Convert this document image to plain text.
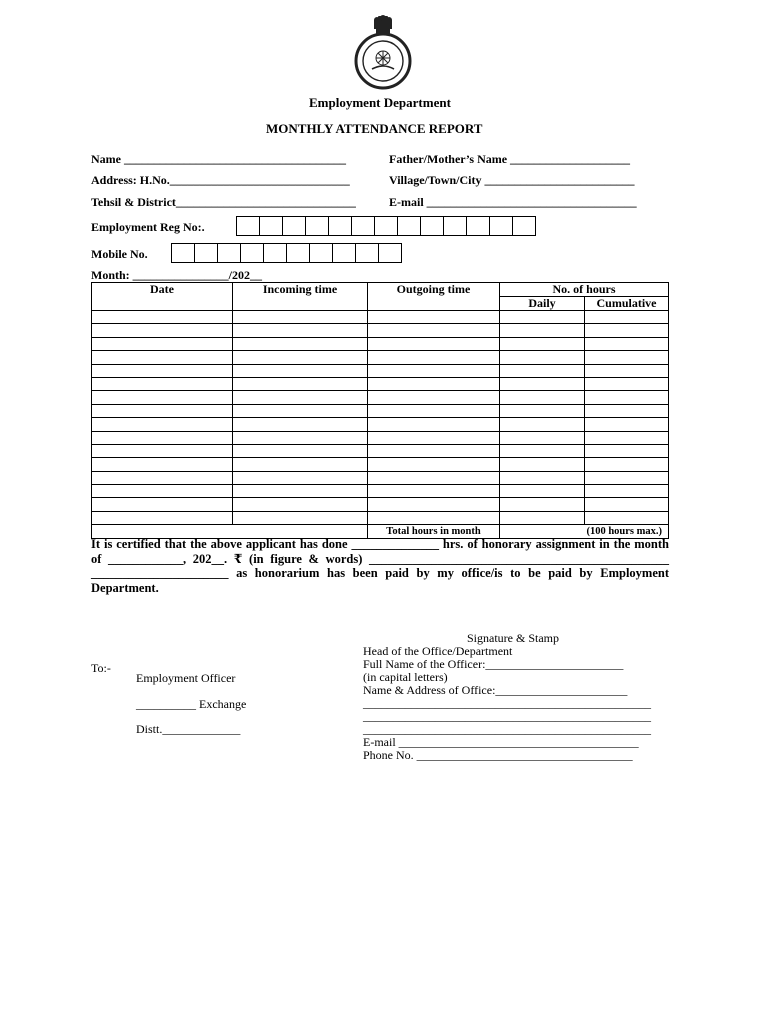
Employment Department
MONTHLY ATTENDANCE REPORT
Name _____________________________________	Father/Mother’s Name ____________________
Address: H.No.______________________________	Village/Town/City _________________________
Tehsil & District______________________________	E-mail ___________________________________
Employment Reg No:.
Mobile No.
Month: ________________/202__
Date	Incoming time	Outgoing time	No. of hours	
			Daily	Cumulative

		Total hours in month		(100 hours max.)
It is certified that the above applicant has done ______________ hrs. of honorary assignment in the month of ____________, 202__. ₹ (in figure & words) ________________________________________________ ______________________ as honorarium has been paid by my office/is to be paid by Employment Department.
To:-
Employment Officer
__________ Exchange
Distt._____________
Signature & Stamp
Head of the Office/Department
Full Name of the Officer:_______________________
(in capital letters)
Name & Address of Office:______________________
________________________________________________
________________________________________________
________________________________________________
E-mail ________________________________________
Phone No. ____________________________________
